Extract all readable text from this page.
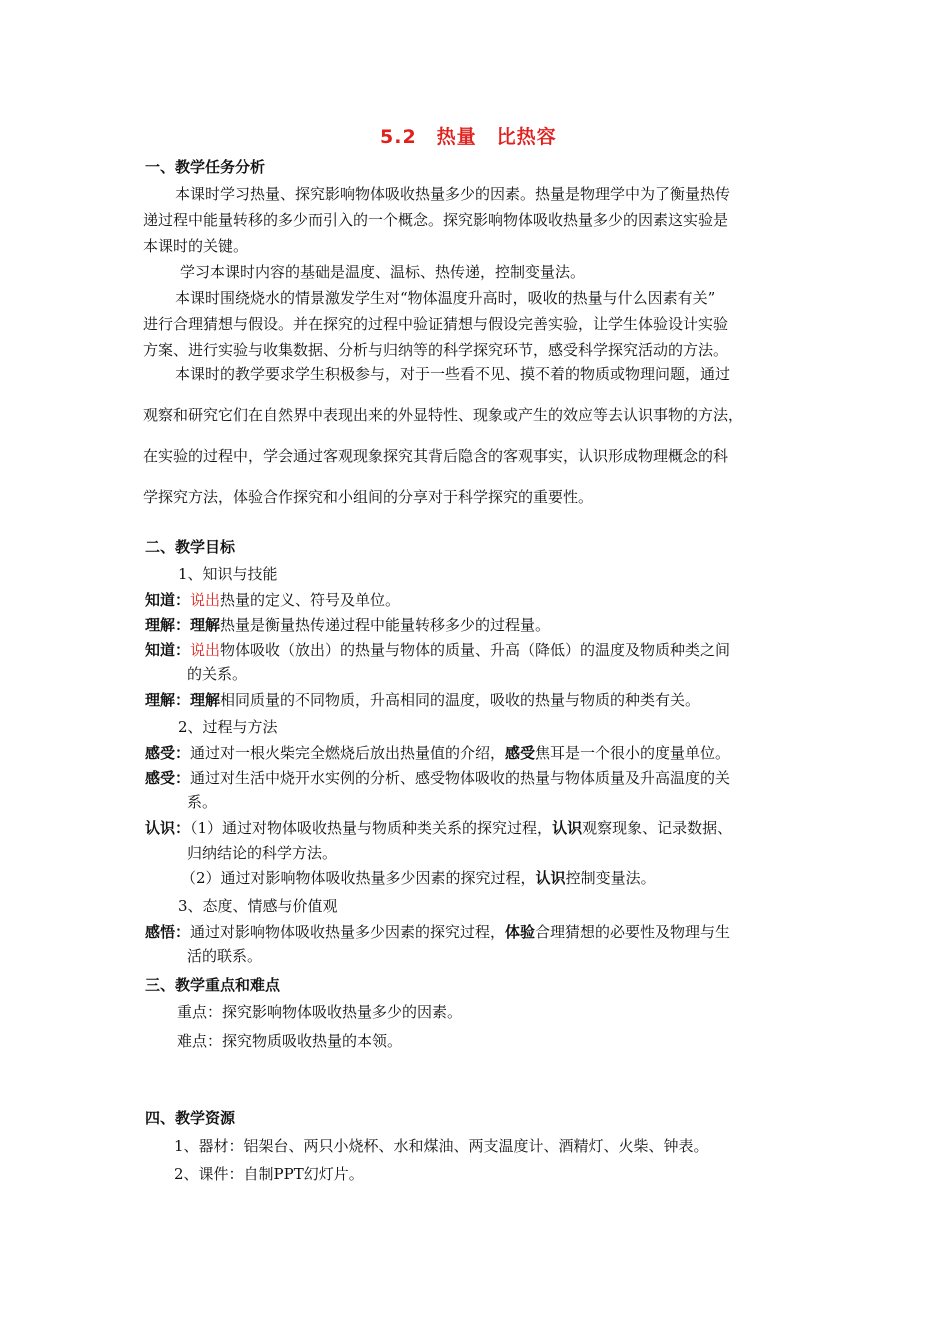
5.2　热量　比热容
一、教学任务分析
本课时学习热量、探究影响物体吸收热量多少的因素。热量是物理学中为了衡量热传
递过程中能量转移的多少而引入的一个概念。探究影响物体吸收热量多少的因素这实验是
本课时的关键。
学习本课时内容的基础是温度、温标、热传递，控制变量法。
本课时围绕烧水的情景激发学生对“物体温度升高时，吸收的热量与什么因素有关”
进行合理猜想与假设。并在探究的过程中验证猜想与假设完善实验，让学生体验设计实验
方案、进行实验与收集数据、分析与归纳等的科学探究环节，感受科学探究活动的方法。
本课时的教学要求学生积极参与，对于一些看不见、摸不着的物质或物理问题，通过
观察和研究它们在自然界中表现出来的外显特性、现象或产生的效应等去认识事物的方法，
在实验的过程中，学会通过客观现象探究其背后隐含的客观事实，认识形成物理概念的科
学探究方法，体验合作探究和小组间的分享对于科学探究的重要性。
二、教学目标
1、知识与技能
知道：说出热量的定义、符号及单位。
理解：理解热量是衡量热传递过程中能量转移多少的过程量。
知道：说出物体吸收（放出）的热量与物体的质量、升高（降低）的温度及物质种类之间
的关系。
理解：理解相同质量的不同物质，升高相同的温度，吸收的热量与物质的种类有关。
2、过程与方法
感受：通过对一根火柴完全燃烧后放出热量值的介绍，感受焦耳是一个很小的度量单位。
感受：通过对生活中烧开水实例的分析、感受物体吸收的热量与物体质量及升高温度的关
系。
认识：（1）通过对物体吸收热量与物质种类关系的探究过程，认识观察现象、记录数据、
归纳结论的科学方法。
（2）通过对影响物体吸收热量多少因素的探究过程，认识控制变量法。
3、态度、情感与价值观
感悟：通过对影响物体吸收热量多少因素的探究过程，体验合理猜想的必要性及物理与生
活的联系。
三、教学重点和难点
重点：探究影响物体吸收热量多少的因素。
难点：探究物质吸收热量的本领。
四、教学资源
1、器材：铝架台、两只小烧杯、水和煤油、两支温度计、酒精灯、火柴、钟表。
2、课件：自制PPT幻灯片。
